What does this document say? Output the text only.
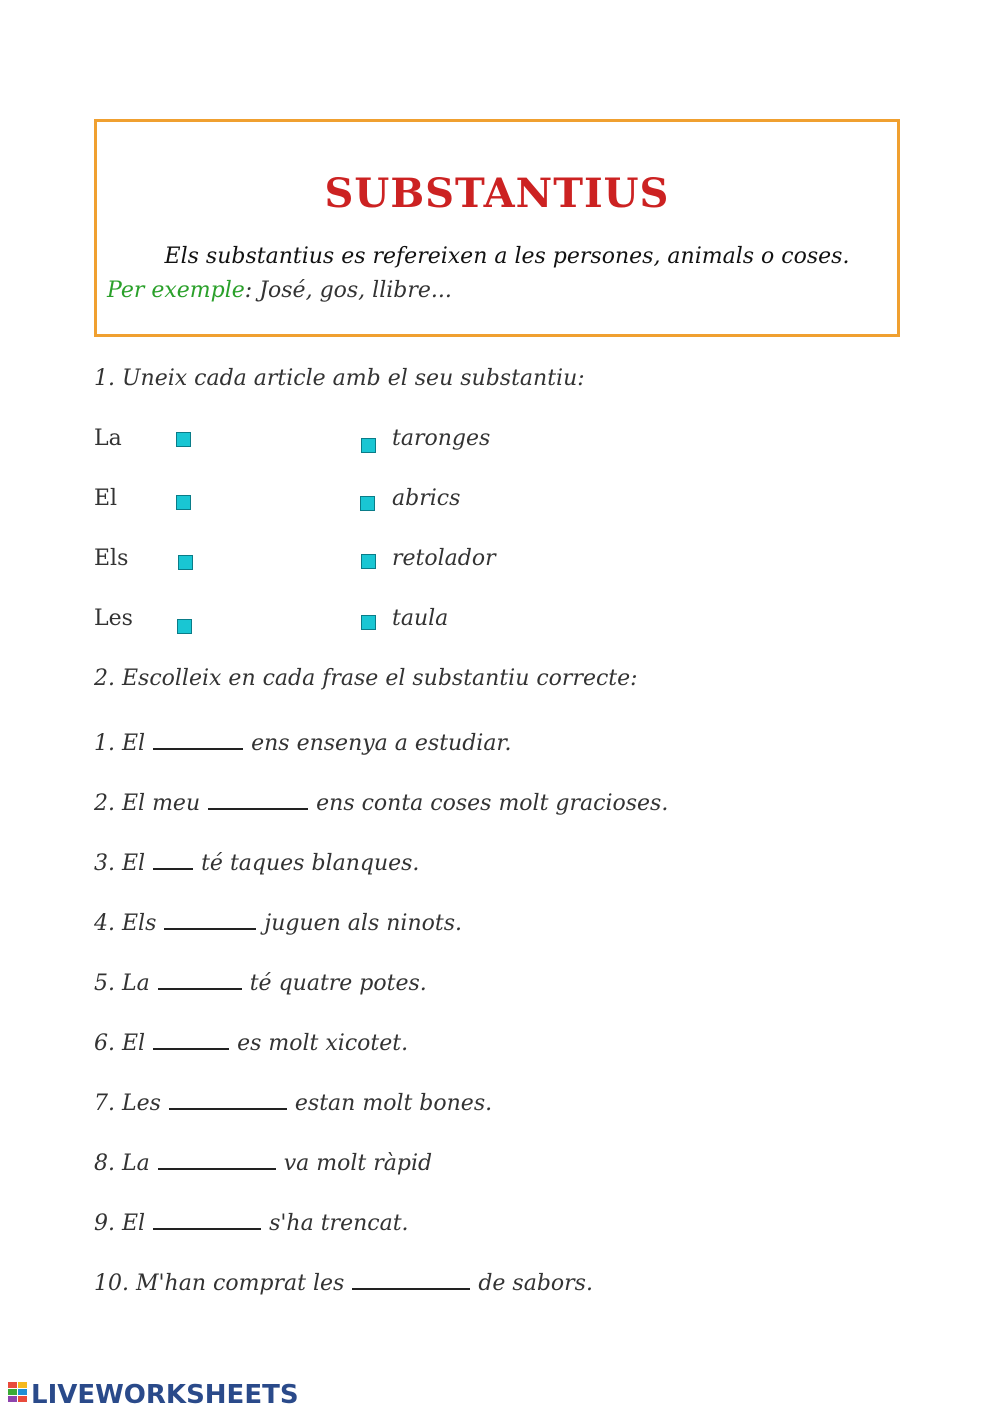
SUBSTANTIUS
Els substantius es refereixen a les persones, animals o coses.
Per exemple: José, gos, llibre...
1. Uneix cada article amb el seu substantiu:
La	taronges
El	abrics
Els	retolador
Les	taula
2. Escolleix en cada frase el substantiu correcte:
1. El	ens ensenya a estudiar.
2. El meu	ens conta coses molt gracioses.
3. El	té taques blanques.
4. Els	juguen als ninots.
5. La	té quatre potes.
6. El	es molt xicotet.
7. Les	estan molt bones.
8. La	va molt ràpid
9. El	s'ha trencat.
10. M'han comprat les	de sabors.
LIVEWORKSHEETS
